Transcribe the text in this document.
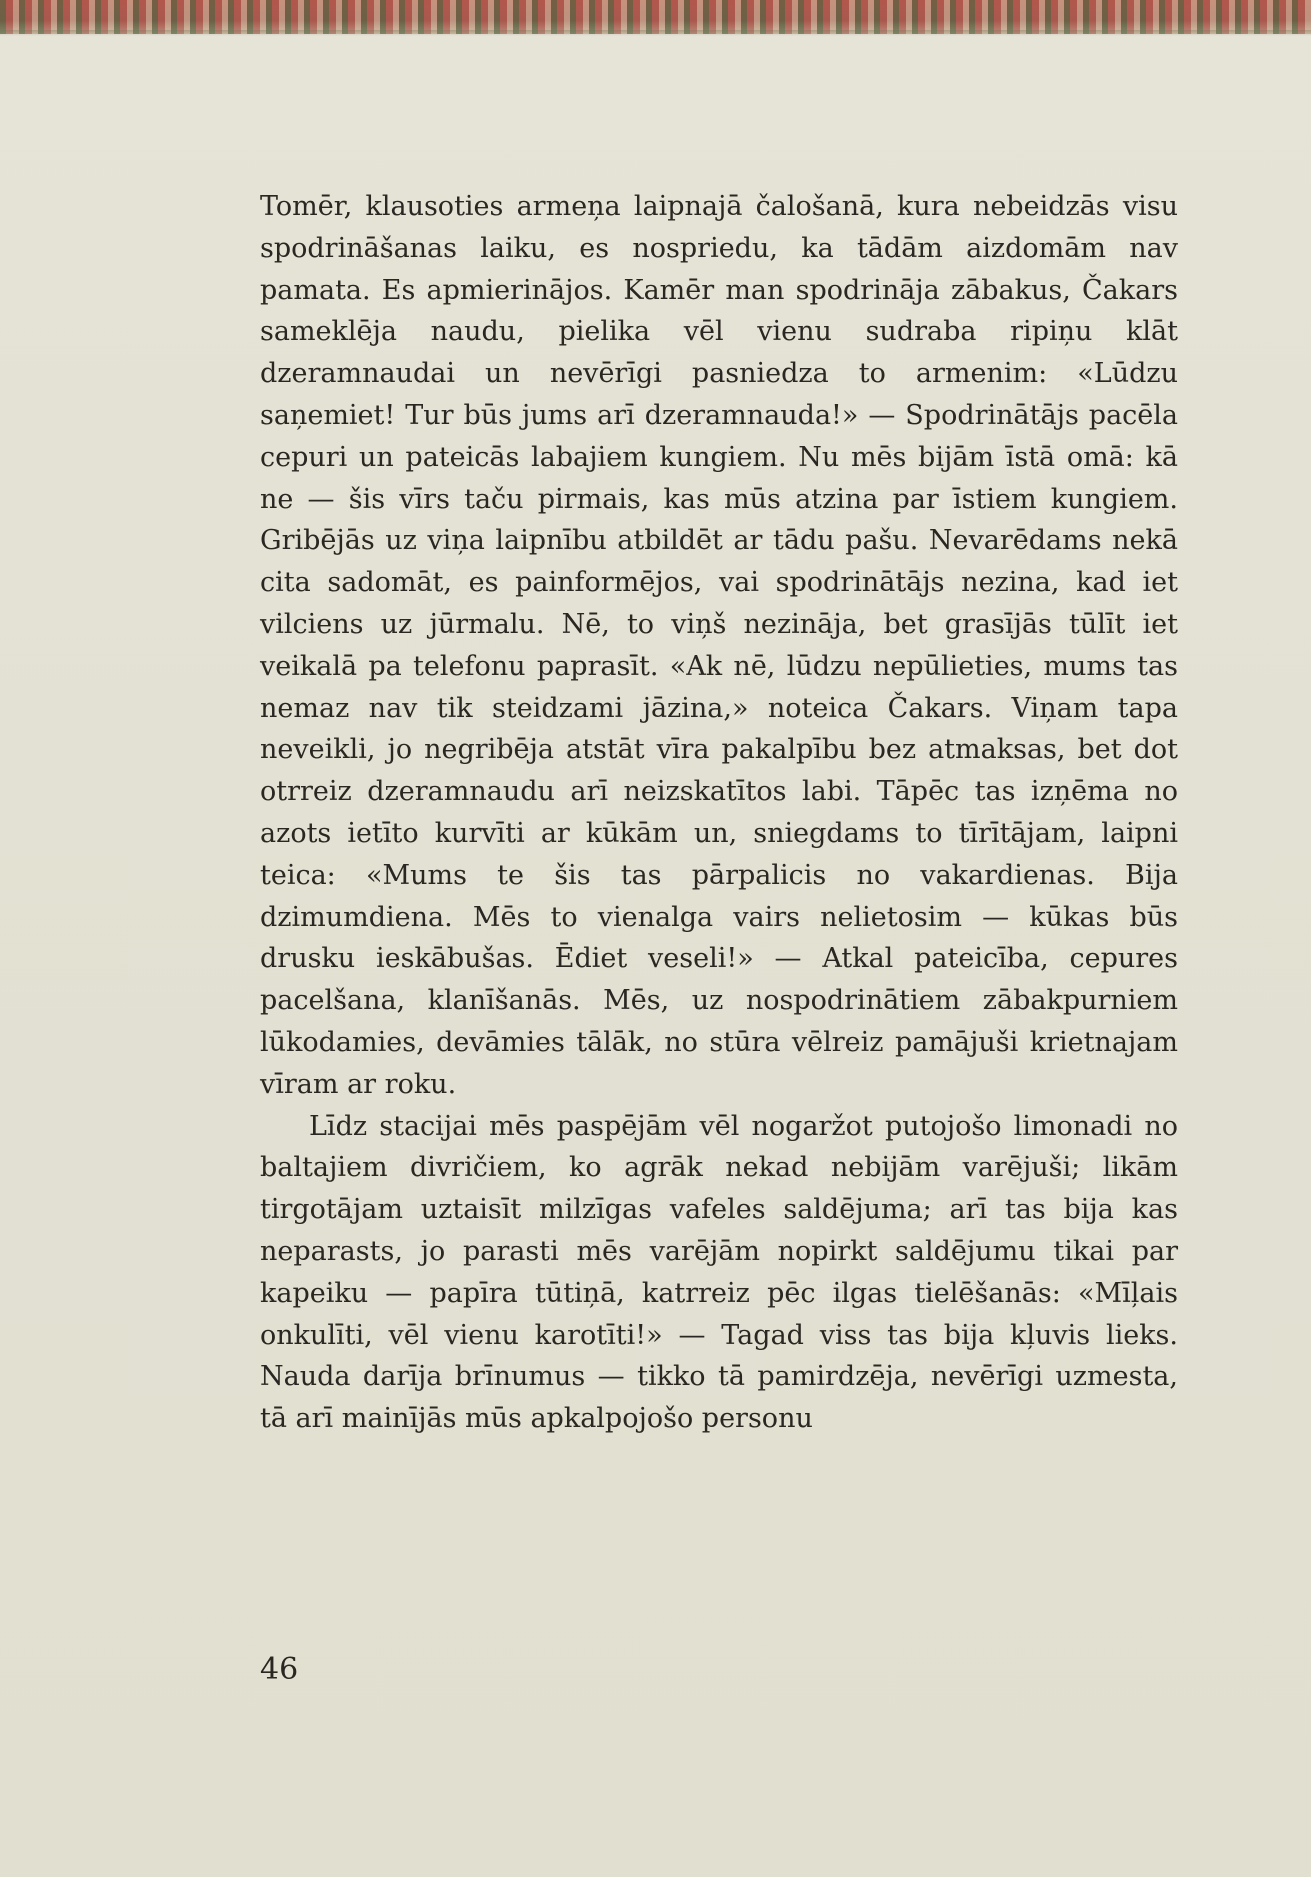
Tomēr, klausoties armeņa laipnajā čalošanā, kura nebeidzās visu spodrināšanas laiku, es nospriedu, ka tādām aizdomām nav pamata. Es apmierinājos. Kamēr man spodrināja zābakus, Čakars sameklēja naudu, pielika vēl vienu sudraba ripiņu klāt dzeramnaudai un nevērīgi pasniedza to armenim: «Lūdzu saņemiet! Tur būs jums arī dzeramnauda!» — Spodrinātājs pacēla cepuri un pateicās labajiem kungiem. Nu mēs bijām īstā omā: kā ne — šis vīrs taču pirmais, kas mūs atzina par īstiem kungiem. Gribējās uz viņa laipnību atbildēt ar tādu pašu. Nevarēdams nekā cita sadomāt, es painformējos, vai spodrinātājs nezina, kad iet vilciens uz jūrmalu. Nē, to viņš nezināja, bet grasījās tūlīt iet veikalā pa telefonu paprasīt. «Ak nē, lūdzu nepūlieties, mums tas nemaz nav tik steidzami jāzina,» noteica Čakars. Viņam tapa neveikli, jo negribēja atstāt vīra pakalpību bez atmaksas, bet dot otrreiz dzeramnaudu arī neizskatītos labi. Tāpēc tas izņēma no azots ietīto kurvīti ar kūkām un, sniegdams to tīrītājam, laipni teica: «Mums te šis tas pārpalicis no vakardienas. Bija dzimumdiena. Mēs to vienalga vairs nelietosim — kūkas būs drusku ieskābušas. Ēdiet veseli!» — Atkal pateicība, cepures pacelšana, klanīšanās. Mēs, uz nospodrinātiem zābakpurniem lūkodamies, devāmies tālāk, no stūra vēlreiz pamājuši krietnajam vīram ar roku.

Līdz stacijai mēs paspējām vēl nogaržot putojošo limonadi no baltajiem divričiem, ko agrāk nekad nebijām varējuši; likām tirgotājam uztaisīt milzīgas vafeles saldējuma; arī tas bija kas neparasts, jo parasti mēs varējām nopirkt saldējumu tikai par kapeiku — papīra tūtiņā, katrreiz pēc ilgas tielēšanās: «Mīļais onkulīti, vēl vienu karotīti!» — Tagad viss tas bija kļuvis lieks. Nauda darīja brīnumus — tikko tā pamirdzēja, nevērīgi uzmesta, tā arī mainījās mūs apkalpojošo personu

46
